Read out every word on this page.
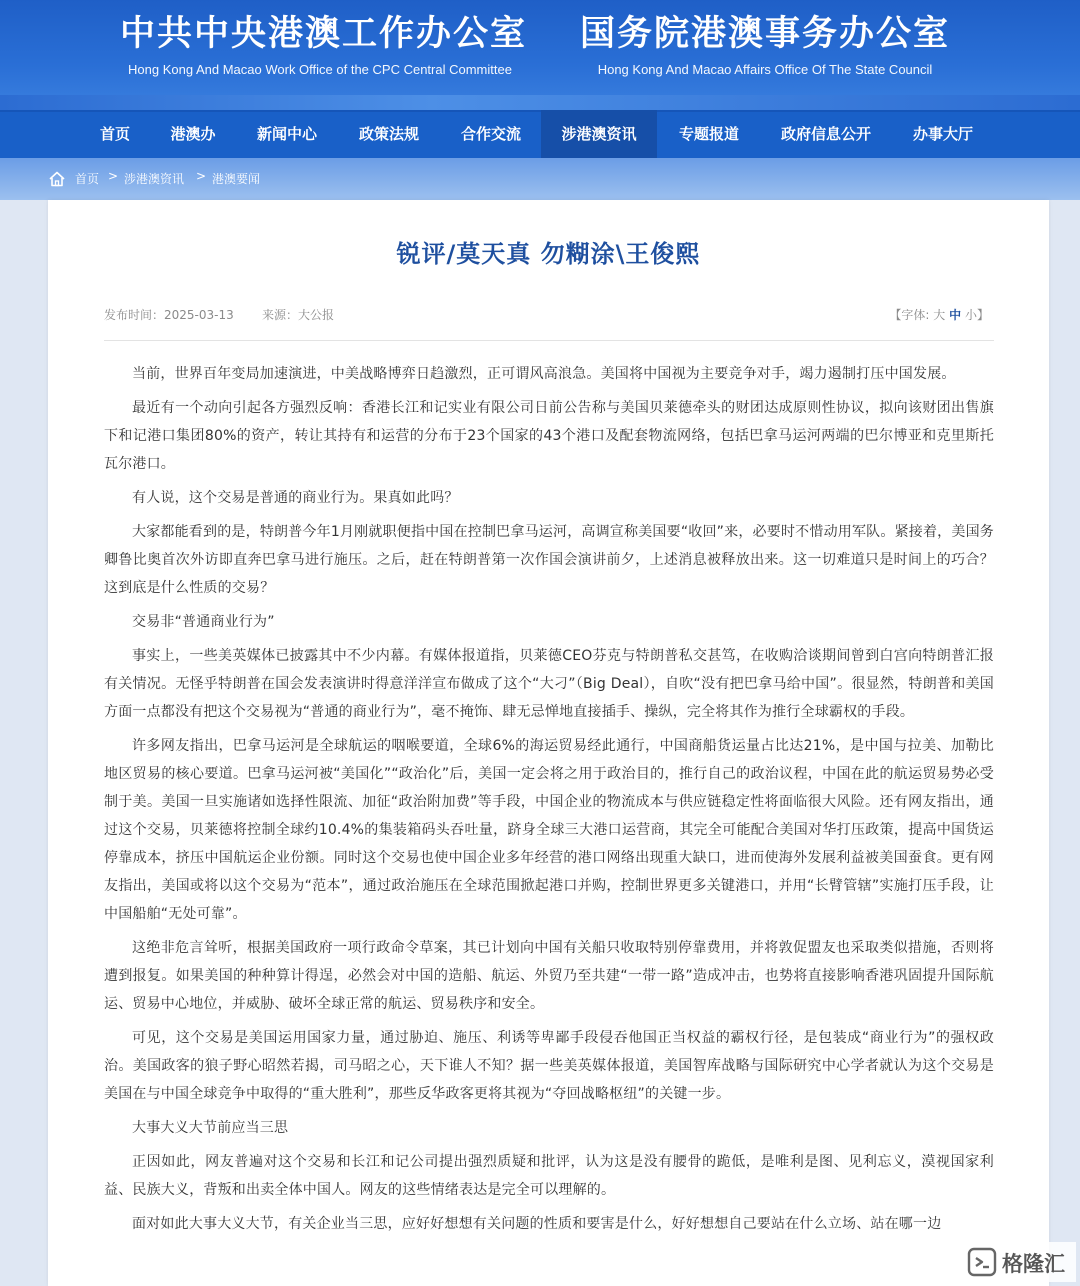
中共中央港澳工作办公室
Hong Kong And Macao Work Office of the CPC Central Committee
国务院港澳事务办公室
Hong Kong And Macao Affairs Office Of The State Council
首页	港澳办	新闻中心	政策法规	合作交流	涉港澳资讯	专题报道	政府信息公开	办事大厅
首页 > 涉港澳资讯 > 港澳要闻
锐评/莫天真 勿糊涂\王俊熙
发布时间：2025-03-13 来源：大公报	【字体: 大 中 小】

当前，世界百年变局加速演进，中美战略博弈日趋激烈，正可谓风高浪急。美国将中国视为主要竞争对手，竭力遏制打压中国发展。

最近有一个动向引起各方强烈反响：香港长江和记实业有限公司日前公告称与美国贝莱德牵头的财团达成原则性协议，拟向该财团出售旗下和记港口集团80%的资产，转让其持有和运营的分布于23个国家的43个港口及配套物流网络，包括巴拿马运河两端的巴尔博亚和克里斯托瓦尔港口。

有人说，这个交易是普通的商业行为。果真如此吗？

大家都能看到的是，特朗普今年1月刚就职便指中国在控制巴拿马运河，高调宣称美国要“收回”来，必要时不惜动用军队。紧接着，美国务卿鲁比奥首次外访即直奔巴拿马进行施压。之后，赶在特朗普第一次作国会演讲前夕，上述消息被释放出来。这一切难道只是时间上的巧合？这到底是什么性质的交易？

交易非“普通商业行为”

事实上，一些美英媒体已披露其中不少内幕。有媒体报道指，贝莱德CEO芬克与特朗普私交甚笃，在收购洽谈期间曾到白宫向特朗普汇报有关情况。无怪乎特朗普在国会发表演讲时得意洋洋宣布做成了这个“大刁”（Big Deal），自吹“没有把巴拿马给中国”。很显然，特朗普和美国方面一点都没有把这个交易视为“普通的商业行为”，毫不掩饰、肆无忌惮地直接插手、操纵，完全将其作为推行全球霸权的手段。

许多网友指出，巴拿马运河是全球航运的咽喉要道，全球6%的海运贸易经此通行，中国商船货运量占比达21%，是中国与拉美、加勒比地区贸易的核心要道。巴拿马运河被“美国化”“政治化”后，美国一定会将之用于政治目的，推行自己的政治议程，中国在此的航运贸易势必受制于美。美国一旦实施诸如选择性限流、加征“政治附加费”等手段，中国企业的物流成本与供应链稳定性将面临很大风险。还有网友指出，通过这个交易，贝莱德将控制全球约10.4%的集装箱码头吞吐量，跻身全球三大港口运营商，其完全可能配合美国对华打压政策，提高中国货运停靠成本，挤压中国航运企业份额。同时这个交易也使中国企业多年经营的港口网络出现重大缺口，进而使海外发展利益被美国蚕食。更有网友指出，美国或将以这个交易为“范本”，通过政治施压在全球范围掀起港口并购，控制世界更多关键港口，并用“长臂管辖”实施打压手段，让中国船舶“无处可靠”。

这绝非危言耸听，根据美国政府一项行政命令草案，其已计划向中国有关船只收取特别停靠费用，并将敦促盟友也采取类似措施，否则将遭到报复。如果美国的种种算计得逞，必然会对中国的造船、航运、外贸乃至共建“一带一路”造成冲击，也势将直接影响香港巩固提升国际航运、贸易中心地位，并威胁、破坏全球正常的航运、贸易秩序和安全。

可见，这个交易是美国运用国家力量，通过胁迫、施压、利诱等卑鄙手段侵吞他国正当权益的霸权行径，是包装成“商业行为”的强权政治。美国政客的狼子野心昭然若揭，司马昭之心，天下谁人不知？据一些美英媒体报道，美国智库战略与国际研究中心学者就认为这个交易是美国在与中国全球竞争中取得的“重大胜利”，那些反华政客更将其视为“夺回战略枢纽”的关键一步。

大事大义大节前应当三思

正因如此，网友普遍对这个交易和长江和记公司提出强烈质疑和批评，认为这是没有腰骨的跪低，是唯利是图、见利忘义，漠视国家利益、民族大义，背叛和出卖全体中国人。网友的这些情绪表达是完全可以理解的。

面对如此大事大义大节，有关企业当三思，应好好想想有关问题的性质和要害是什么，好好想想自己要站在什么立场、站在哪一边

格隆汇
